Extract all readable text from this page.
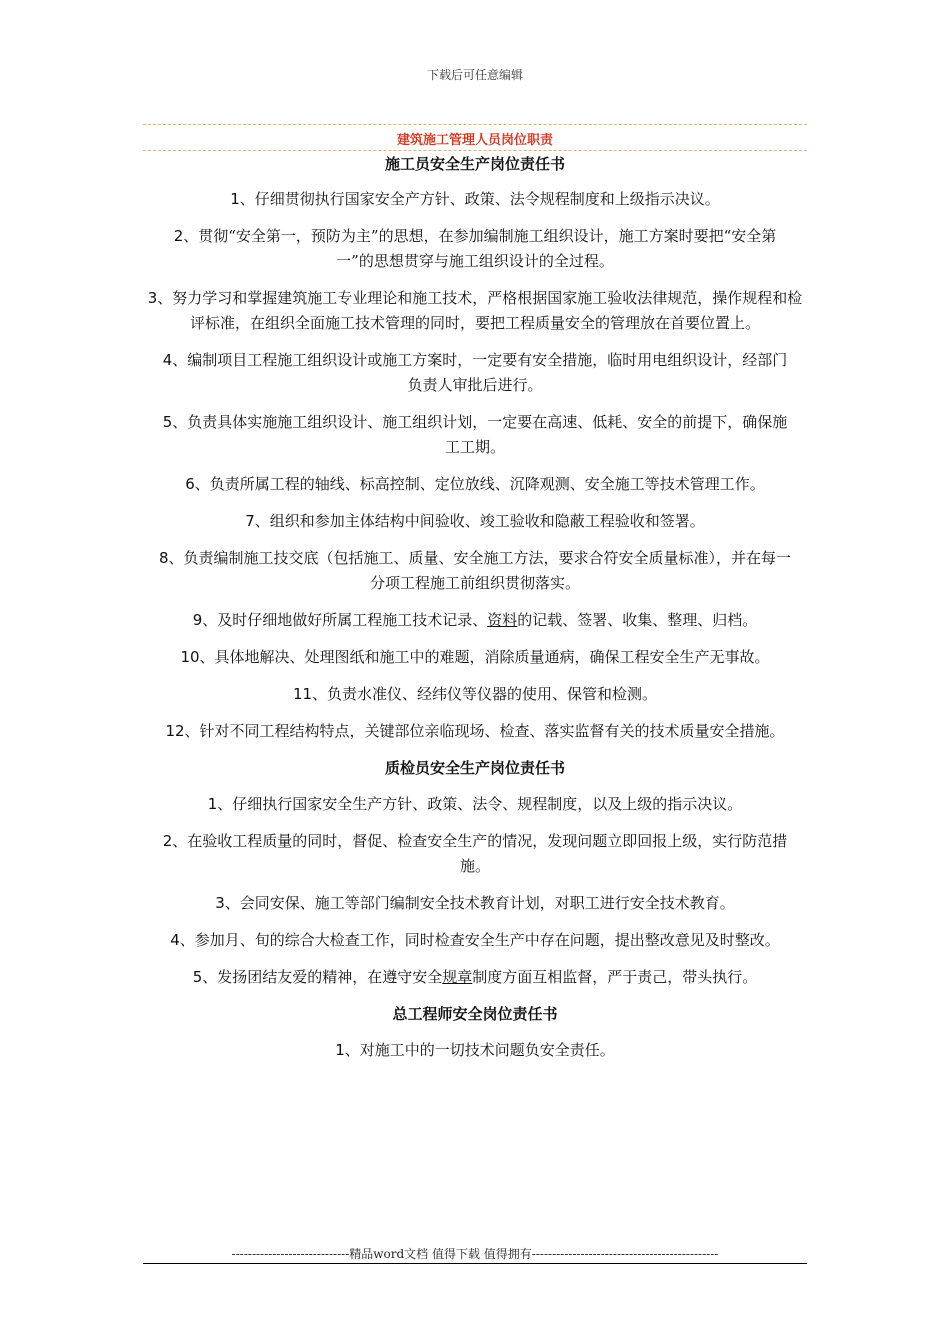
下载后可任意编辑
建筑施工管理人员岗位职责
施工员安全生产岗位责任书

1、仔细贯彻执行国家安全产方针、政策、法令规程制度和上级指示决议。

2、贯彻“安全第一，预防为主”的思想，在参加编制施工组织设计，施工方案时要把“安全第一”的思想贯穿与施工组织设计的全过程。

3、努力学习和掌握建筑施工专业理论和施工技术，严格根据国家施工验收法律规范，操作规程和检评标准，在组织全面施工技术管理的同时，要把工程质量安全的管理放在首要位置上。

4、编制项目工程施工组织设计或施工方案时，一定要有安全措施，临时用电组织设计，经部门负责人审批后进行。

5、负责具体实施施工组织设计、施工组织计划，一定要在高速、低耗、安全的前提下，确保施工工期。

6、负责所属工程的轴线、标高控制、定位放线、沉降观测、安全施工等技术管理工作。

7、组织和参加主体结构中间验收、竣工验收和隐蔽工程验收和签署。

8、负责编制施工技交底（包括施工、质量、安全施工方法，要求合符安全质量标准），并在每一分项工程施工前组织贯彻落实。

9、及时仔细地做好所属工程施工技术记录、资料的记载、签署、收集、整理、归档。

10、具体地解决、处理图纸和施工中的难题，消除质量通病，确保工程安全生产无事故。

11、负责水准仪、经纬仪等仪器的使用、保管和检测。

12、针对不同工程结构特点，关键部位亲临现场、检查、落实监督有关的技术质量安全措施。

质检员安全生产岗位责任书

1、仔细执行国家安全生产方针、政策、法令、规程制度，以及上级的指示决议。

2、在验收工程质量的同时，督促、检查安全生产的情况，发现问题立即回报上级，实行防范措施。

3、会同安保、施工等部门编制安全技术教育计划，对职工进行安全技术教育。

4、参加月、旬的综合大检查工作，同时检查安全生产中存在问题，提出整改意见及时整改。

5、发扬团结友爱的精神，在遵守安全规章制度方面互相监督，严于责己，带头执行。

总工程师安全岗位责任书

1、对施工中的一切技术问题负安全责任。

-----------------------------精品word文档 值得下载 值得拥有----------------------------------------------
